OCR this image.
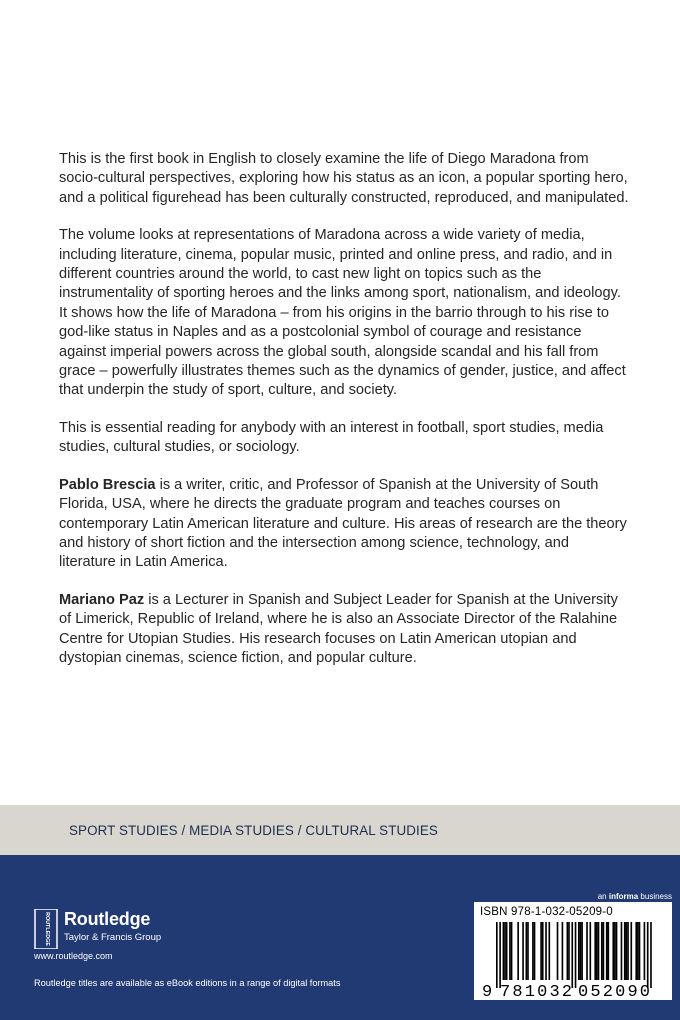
This is the first book in English to closely examine the life of Diego Maradona from socio-cultural perspectives, exploring how his status as an icon, a popular sporting hero, and a political figurehead has been culturally constructed, reproduced, and manipulated.

The volume looks at representations of Maradona across a wide variety of media, including literature, cinema, popular music, printed and online press, and radio, and in different countries around the world, to cast new light on topics such as the instrumentality of sporting heroes and the links among sport, nationalism, and ideology. It shows how the life of Maradona – from his origins in the barrio through to his rise to god-like status in Naples and as a postcolonial symbol of courage and resistance against imperial powers across the global south, alongside scandal and his fall from grace – powerfully illustrates themes such as the dynamics of gender, justice, and affect that underpin the study of sport, culture, and society.

This is essential reading for anybody with an interest in football, sport studies, media studies, cultural studies, or sociology.

Pablo Brescia is a writer, critic, and Professor of Spanish at the University of South Florida, USA, where he directs the graduate program and teaches courses on contemporary Latin American literature and culture. His areas of research are the theory and history of short fiction and the intersection among science, technology, and literature in Latin America.

Mariano Paz is a Lecturer in Spanish and Subject Leader for Spanish at the University of Limerick, Republic of Ireland, where he is also an Associate Director of the Ralahine Centre for Utopian Studies. His research focuses on Latin American utopian and dystopian cinemas, science fiction, and popular culture.

SPORT STUDIES / MEDIA STUDIES / CULTURAL STUDIES
an informa business
ROUTLEDGE Routledge
Taylor & Francis Group
www.routledge.com
Routledge titles are available as eBook editions in a range of digital formats
ISBN 978-1-032-05209-0
9 781032 052090
